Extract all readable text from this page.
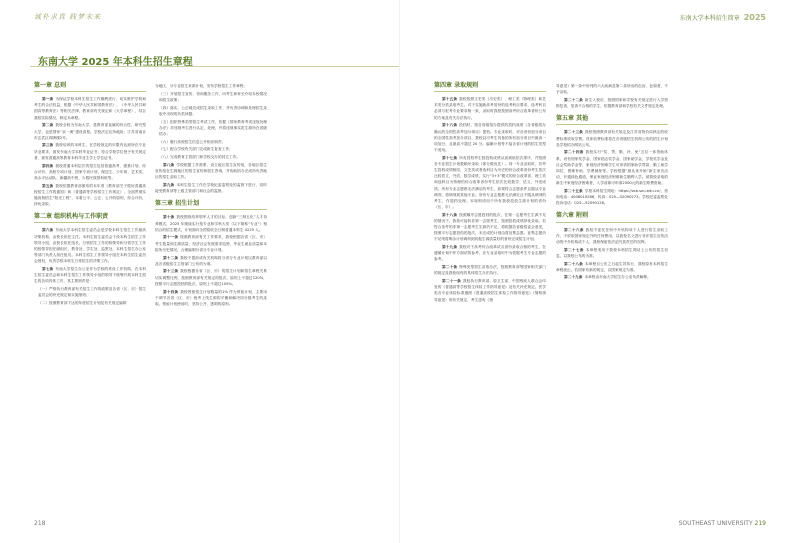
诚朴求真 践梦未来	东南大学本科招生简章 2025
东南大学 2025 年本科生招生章程
第一章 总则

第一条 为保证学校本科生招生工作顺利进行，切实维护学校和考生的合法权益，根据《中华人民共和国教育法》、《中华人民共和国高等教育法》等相关法律，教育部有关规定和《大学章程》，结合我校实际情况，制定本章程。

第二条 我校全称为东南大学，是教育部直属的综合性、研究型大学，也是国家“双一流”建设高校。学校法定住所地址：江苏省南京市玄武区四牌楼2号。

第三条 我校培养的本科生，在学校规定的年限内达到所在专业毕业要求，颁发东南大学本科毕业证书；符合学校学位授予有关规定者，颁发普通高等教育本科毕业生学士学位证书。

第四条 我校普通本科层次的招生包括普通高考、强基计划、综合评价、高校专项计划、国家专项计划、保送生、少年班、艺术类、高水平运动队、新疆高中班、少数民族预科班等。

第五条 我校依据教育部颁布的本年度《教育部关于做好普通高校招生工作的通知》和《普通高等学校招生工作规定》，全面贯彻实施高校招生“阳光工程”，本着公平、公正、公开的原则，综合评价，择优录取。

第二章 组织机构与工作职责

第六条 东南大学本科生招生委员会是学校本科生招生工作最高决策机构，由校长担任主任。本科生招生委员会下设本科生招生工作领导小组，由校长担任组长，分管招生工作的校领导和分管学生工作的校领导担任副组长，教务处、学生处、监察处、本科生招生办公室等部门负责人担任组员。本科生招生工作领导小组在本科生招生委员会授权，负责学校本科生日常招生的决策工作。

第七条 东南大学招生办公室作为学校的常设工作机构，在本科生招生委员会和本科生招生工作领导小组的领导下统筹开展本科生招生的各项具体工作，其主要职责是：

（一）严格执行教育部有关招生工作的政策及各省（区、市）招生委员会的补充规定和实施细则；

（二）按照教育部下达的年度招生计划及有关规定编制

分地区、分专业招生来源计划，发布学校招生工作章程；

（三）开展招生宣传、咨询服务工作，向考生和家长介绍本校情况和招生政策；

（四）落实、公正地完成招生录取工作，并负责协调和处理招生录取中出现的各类问题；

（五）组织特殊类型招生考试工作，依据《国家教育考试违规处理办法》对违规考生进行认定、处理，并将违规事实报生源所在省级招办；

（六）履行高校招生信息公开相应职责；

（七）配合学校有关部门完成新生复查工作；

（八）完成教育主管部门和学校交办的其它工作。

第八条 学校根据工作需要，设立地区招生宣传组，各地区招生宣传组在生源地区的招生宣传和招生咨询，并协助招办完成所负责地区的招生录取工作。

第九条 本科生招生工作在学校纪委监察处的监督下进行，同时接受教育部等上级主管部门和社会的监督。

第三章 招生计划

第十条 我校围绕培养领军人才的目标，创新“三制五化”人才培养模式，2025 年继续实行按专业和学科大类（以下简称“专业”）相结合的招生模式，计划面向全国招收全日制普通本科生 4225 人。

第十一条 按照教育部有关工作要求，我校根据各省（区、市）考生数量和生源质量，经济社会发展需求趋势、毕业生就业质量和本院所历史情况，合理编制分省分专业计划。

第十二条 我校不提前或有关机构将分省分专业计划以教育部以及各省级招生主管部门公布的为准。

第十三条 我校根据各省（区、市）的招生计划和招生章程关系切实调整比例，按照教育部有关规定的批次，原则上不超过120%，按照平行志愿投档的批次，原则上不超过105%。

第十四条 我校预留招生计划数量的1% 作为预留计划，主要用于调节各省（区、市）统考上线生源的平衡和解决同分数考生的录取。预留计划使用时，坚持公开、透明的原则。

第四章 录取规则

第十五条 我校按照文史类（历史类）、理工类（物理类）和艺术类分类录取考生。对于实施新高考省份的选考科目要求，选考科目必须与报考专业要求相一致，录取时我校按照高考综合改革省份公布的方案及有关办法执行。

第十六条 投档时，按各省级招办提供的投档成绩（含省级招办确认的全国性高考加分项目）提档。专业录取时，对各省份加分项目的全国性高考加分项目，我校以可考生具备的所有加分项目中最高一项加分，且最高不超过 20 分。偏僻计划等不接含省计划的招生类型不适用。

第十七条 所有进档考生按投档成绩从高到低依次排序，并按照各专业招生计划数顺序录取（即分数优先）。同一专业录取时，若考生投档成绩相同，文史类或者选科目为历史的综合改革省份考生依次比较语文、外语、数学成绩，实行“3+3”模式的综合改革省、理工类和选科目为物理的综合改革省份考生依次比较数学、语文、外语成绩。所有专业志愿都无法满足的考生，如果符合志愿条件且服从专业调剂，将调剂到其他专业。所有专业志愿都无法满足且不服从调剂的考生，作退档处理。本规则适用于所有我校投放生源计划的省份（区、市）。

第十八条 按照顺序志愿投档的批次，在第一志愿考生生源不足的情况下，我校可接收非第一志愿考生，按照投档成绩择优录取。若符合条件的非第一志愿考生生源仍不足，将根据各省级招委会意见，按照平行志愿投档的批次，未完成的计划由将征集志愿。征集志愿仍不足则将剩余计划调剂到其他生源质量好的省份完成招生计划。

第十九条 我校对于高考综合改革试点省份录取合格的考生，在遵循计划中作方面试的参考，在专业录取时中为依据考生专业志愿的参考。

第二十条 特殊类型招生录取办法，按照教育部等国家相关部门的规定及我校现有的具体招生办法执行。

第二十一条 我校执行教育部、原卫生部、中国残疾人联合会印发的《普通高等学校招生体检工作指导意见》及有关补充规定。医学类各专业体检标准遵照《普通高校招生体检工作指导意见》（简称指导意见）的有关规定，考生患有《指

导意见》第一条中所列的六大疾病及第二条所出的色盲、色弱者，不予录取。

第二十二条 新生入校后，按照国家和学校有关规定进行入学资格复查，复查不合格的学生，依据教育部和学校有关文件规定处理。

第五章 其他

第二十三条 我校按照教育部有关规定及江苏省物价局核定的收费标准收取学费。具体收费标准将在各省级招生机构公布的招生计划及学校招办网站公布。

第二十四条 我校实行“奖、贷、勤、补、免”五位一体资助体系，设有国家奖学金、国家励志奖学金、国家助学金、学校奖学金及社会奖助学金等，家庭经济困难学生可申请国家助学贷款、勤工助学岗位、困难补助、学费减免等。学校根据“最从来开始”新生家访活动，开通绿色通道，保证家庭经济困难新生顺利入学。被我校录取的新生中家庭经济困难者，入学前即可申请2500元的新生路费资助。

第二十五条 学校本科招生网址：https://zsb.seu.edu.cn/，咨询电话：4006010286，传真：025—52090273。学校纪委监察处投诉电话：025—52090126。

第六章 附则

第二十六条 我校不委托任何中介机构或个人进行招生录取工作，不收取国家规定外的任何费用。以我校名义进行非法招生宣传活动的中介机构或个人，我校保留依法追究其责任的权利。

第二十七条 本章程适用于我校本科招生网站上公布的招生信息，以我校公布的为准。

第二十八条 本章程自公布之日起生效执行，我校原有本科招生章程废止。若国家有新的规定，以国家规定为准。

第二十九条 本章程由东南大学招生办公室负责解释。

218	SOUTHEAST UNIVERSITY 219
